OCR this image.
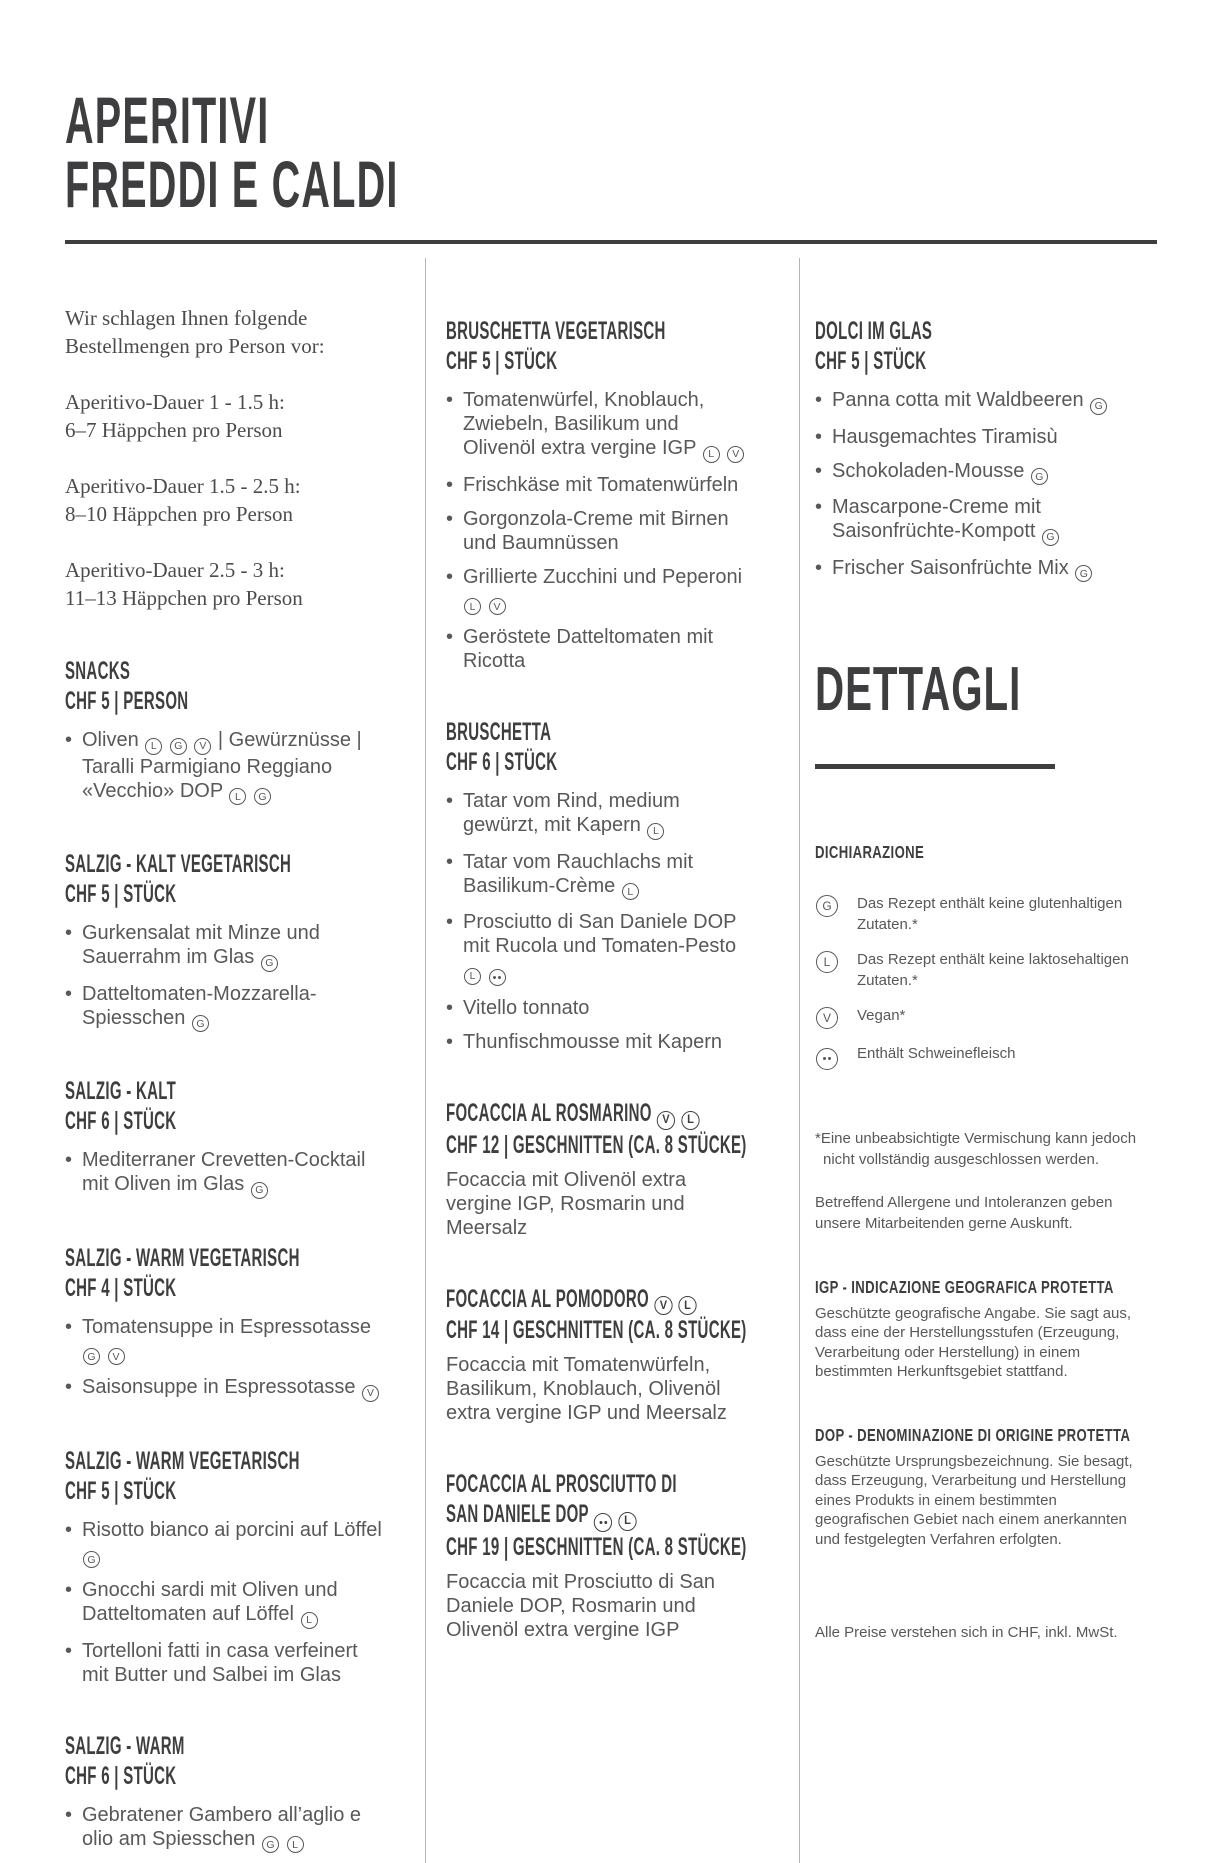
APERITIVI
FREDDI E CALDI

Wir schlagen Ihnen folgende Bestellmengen pro Person vor:

Aperitivo-Dauer 1 - 1.5 h:
6–7 Häppchen pro Person

Aperitivo-Dauer 1.5 - 2.5 h:
8–10 Häppchen pro Person

Aperitivo-Dauer 2.5 - 3 h:
11–13 Häppchen pro Person

SNACKS
CHF 5 | PERSON
• Oliven L G V | Gewürznüsse | Taralli Parmigiano Reggiano «Vecchio» DOP L G
SALZIG - KALT VEGETARISCH
CHF 5 | STÜCK
• Gurkensalat mit Minze und Sauerrahm im Glas G
• Datteltomaten-Mozzarella-Spiesschen G
SALZIG - KALT
CHF 6 | STÜCK
• Mediterraner Crevetten-Cocktail mit Oliven im Glas G
SALZIG - WARM VEGETARISCH
CHF 4 | STÜCK
• Tomatensuppe in Espressotasse G V
• Saisonsuppe in Espressotasse V
SALZIG - WARM VEGETARISCH
CHF 5 | STÜCK
• Risotto bianco ai porcini auf Löffel G
• Gnocchi sardi mit Oliven und Datteltomaten auf Löffel L
• Tortelloni fatti in casa verfeinert mit Butter und Salbei im Glas
SALZIG - WARM
CHF 6 | STÜCK
• Gebratener Gambero all’aglio e olio am Spiesschen G L
BRUSCHETTA VEGETARISCH
CHF 5 | STÜCK
• Tomatenwürfel, Knoblauch, Zwiebeln, Basilikum und Olivenöl extra vergine IGP L V
• Frischkäse mit Tomatenwürfeln
• Gorgonzola-Creme mit Birnen und Baumnüssen
• Grillierte Zucchini und Peperoni L V
• Geröstete Datteltomaten mit Ricotta
BRUSCHETTA
CHF 6 | STÜCK
• Tatar vom Rind, medium gewürzt, mit Kapern L
• Tatar vom Rauchlachs mit Basilikum-Crème L
• Prosciutto di San Daniele DOP mit Rucola und Tomaten-Pesto L
• Vitello tonnato
• Thunfischmousse mit Kapern
FOCACCIA AL ROSMARINO V L
CHF 12 | GESCHNITTEN (CA. 8 STÜCKE)

Focaccia mit Olivenöl extra vergine IGP, Rosmarin und Meersalz

FOCACCIA AL POMODORO V L
CHF 14 | GESCHNITTEN (CA. 8 STÜCKE)

Focaccia mit Tomatenwürfeln, Basilikum, Knoblauch, Olivenöl extra vergine IGP und Meersalz

FOCACCIA AL PROSCIUTTO DI
SAN DANIELE DOP	L
CHF 19 | GESCHNITTEN (CA. 8 STÜCKE)

Focaccia mit Prosciutto di San Daniele DOP, Rosmarin und Olivenöl extra vergine IGP

DOLCI IM GLAS
CHF 5 | STÜCK
• Panna cotta mit Waldbeeren G
• Hausgemachtes Tiramisù
• Schokoladen-Mousse G
• Mascarpone-Creme mit Saisonfrüchte-Kompott G
• Frischer Saisonfrüchte Mix G
DETTAGLI
DICHIARAZIONE
G	Das Rezept enthält keine glutenhaltigen Zutaten.*
L	Das Rezept enthält keine laktosehaltigen Zutaten.*
V	Vegan*
Enthält Schweinefleisch

*Eine unbeabsichtigte Vermischung kann jedoch nicht vollständig ausgeschlossen werden.

Betreffend Allergene und Intoleranzen geben unsere Mitarbeitenden gerne Auskunft.

IGP - INDICAZIONE GEOGRAFICA PROTETTA

Geschützte geografische Angabe. Sie sagt aus, dass eine der Herstellungsstufen (Erzeugung, Verarbeitung oder Herstellung) in einem bestimmten Herkunftsgebiet stattfand.

DOP - DENOMINAZIONE DI ORIGINE PROTETTA

Geschützte Ursprungsbezeichnung. Sie besagt, dass Erzeugung, Verarbeitung und Herstellung eines Produkts in einem bestimmten geografischen Gebiet nach einem anerkannten und festgelegten Verfahren erfolgten.

Alle Preise verstehen sich in CHF, inkl. MwSt.
